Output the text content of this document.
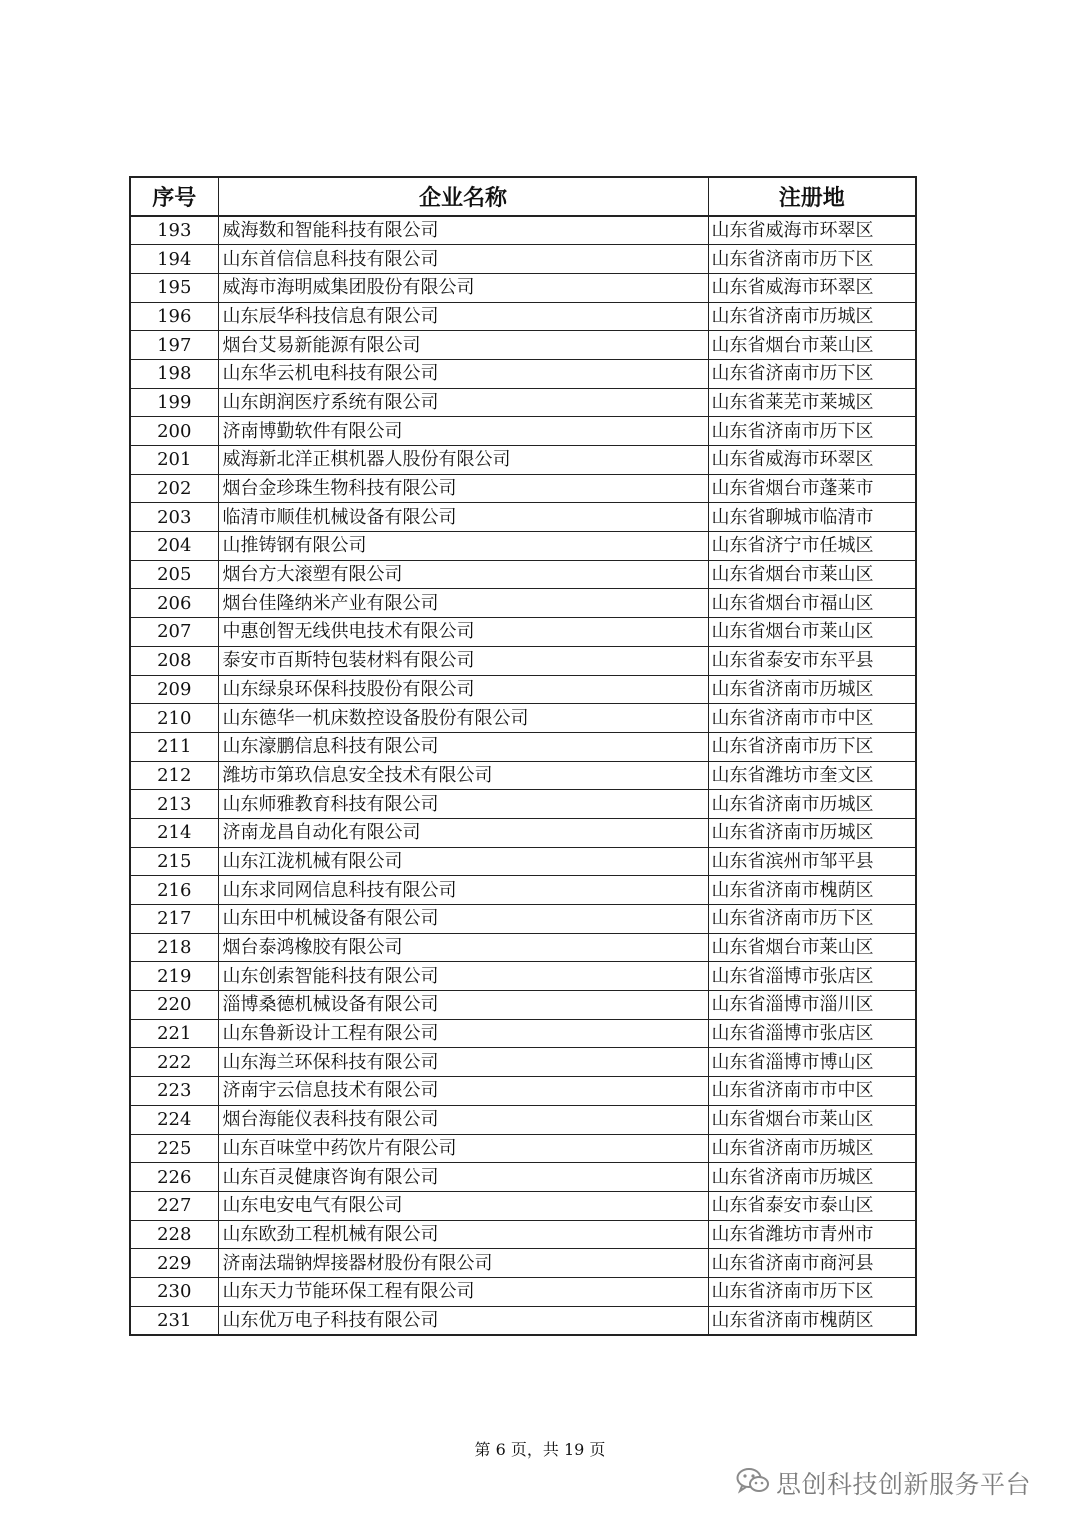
序号	企业名称	注册地
193	威海数和智能科技有限公司	山东省威海市环翠区
194	山东首信信息科技有限公司	山东省济南市历下区
195	威海市海明威集团股份有限公司	山东省威海市环翠区
196	山东辰华科技信息有限公司	山东省济南市历城区
197	烟台艾易新能源有限公司	山东省烟台市莱山区
198	山东华云机电科技有限公司	山东省济南市历下区
199	山东朗润医疗系统有限公司	山东省莱芜市莱城区
200	济南博勤软件有限公司	山东省济南市历下区
201	威海新北洋正棋机器人股份有限公司	山东省威海市环翠区
202	烟台金珍珠生物科技有限公司	山东省烟台市蓬莱市
203	临清市顺佳机械设备有限公司	山东省聊城市临清市
204	山推铸钢有限公司	山东省济宁市任城区
205	烟台方大滚塑有限公司	山东省烟台市莱山区
206	烟台佳隆纳米产业有限公司	山东省烟台市福山区
207	中惠创智无线供电技术有限公司	山东省烟台市莱山区
208	泰安市百斯特包装材料有限公司	山东省泰安市东平县
209	山东绿泉环保科技股份有限公司	山东省济南市历城区
210	山东德华一机床数控设备股份有限公司	山东省济南市市中区
211	山东濠鹏信息科技有限公司	山东省济南市历下区
212	潍坊市第玖信息安全技术有限公司	山东省潍坊市奎文区
213	山东师雅教育科技有限公司	山东省济南市历城区
214	济南龙昌自动化有限公司	山东省济南市历城区
215	山东江泷机械有限公司	山东省滨州市邹平县
216	山东求同网信息科技有限公司	山东省济南市槐荫区
217	山东田中机械设备有限公司	山东省济南市历下区
218	烟台泰鸿橡胶有限公司	山东省烟台市莱山区
219	山东创索智能科技有限公司	山东省淄博市张店区
220	淄博桑德机械设备有限公司	山东省淄博市淄川区
221	山东鲁新设计工程有限公司	山东省淄博市张店区
222	山东海兰环保科技有限公司	山东省淄博市博山区
223	济南宇云信息技术有限公司	山东省济南市市中区
224	烟台海能仪表科技有限公司	山东省烟台市莱山区
225	山东百味堂中药饮片有限公司	山东省济南市历城区
226	山东百灵健康咨询有限公司	山东省济南市历城区
227	山东电安电气有限公司	山东省泰安市泰山区
228	山东欧劲工程机械有限公司	山东省潍坊市青州市
229	济南法瑞钠焊接器材股份有限公司	山东省济南市商河县
230	山东天力节能环保工程有限公司	山东省济南市历下区
231	山东优万电子科技有限公司	山东省济南市槐荫区
第 6 页，共 19 页
思创科技创新服务平台
